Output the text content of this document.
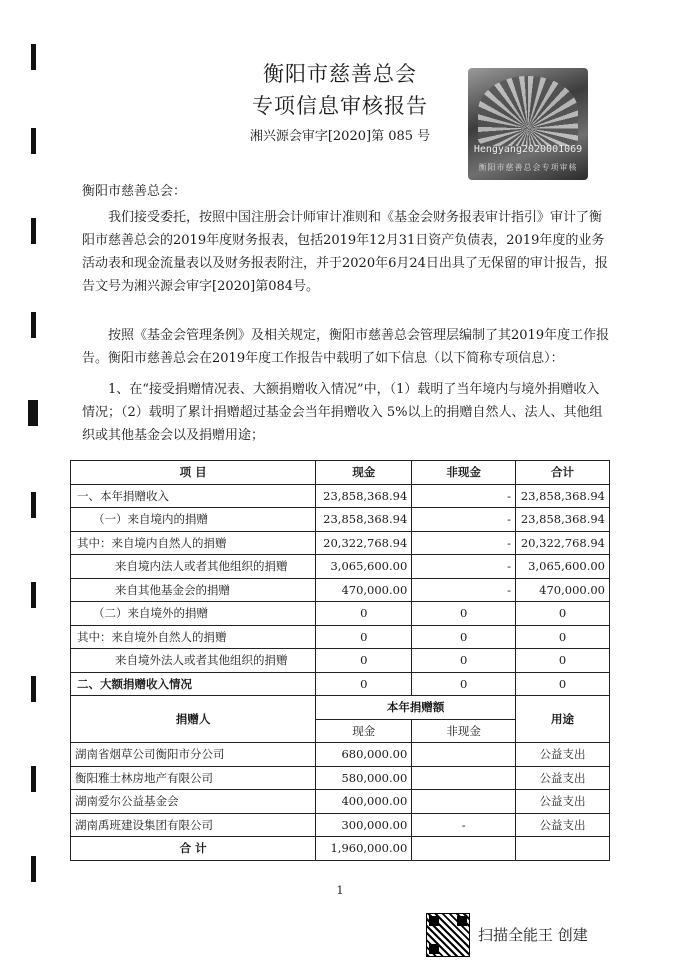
衡阳市慈善总会
专项信息审核报告
湘兴源会审字[2020]第 085 号
Hengyang2020001069
衡阳市慈善总会专项审核
衡阳市慈善总会：
我们接受委托，按照中国注册会计师审计准则和《基金会财务报表审计指引》审计了衡阳市慈善总会的2019年度财务报表，包括2019年12月31日资产负债表，2019年度的业务活动表和现金流量表以及财务报表附注，并于2020年6月24日出具了无保留的审计报告，报告文号为湘兴源会审字[2020]第084号。
按照《基金会管理条例》及相关规定，衡阳市慈善总会管理层编制了其2019年度工作报告。衡阳市慈善总会在2019年度工作报告中载明了如下信息（以下简称专项信息）：
1、在“接受捐赠情况表、大额捐赠收入情况”中，（1）载明了当年境内与境外捐赠收入情况；（2）载明了累计捐赠超过基金会当年捐赠收入 5%以上的捐赠自然人、法人、其他组织或其他基金会以及捐赠用途；
项 目	现金	非现金	合计
一、本年捐赠收入	23,858,368.94	-	23,858,368.94
（一）来自境内的捐赠	23,858,368.94	-	23,858,368.94
其中：来自境内自然人的捐赠	20,322,768.94	-	20,322,768.94
来自境内法人或者其他组织的捐赠	3,065,600.00	-	3,065,600.00
来自其他基金会的捐赠	470,000.00	-	470,000.00
（二）来自境外的捐赠	0	0	0
其中：来自境外自然人的捐赠	0	0	0
来自境外法人或者其他组织的捐赠	0	0	0
二、大额捐赠收入情况	0	0	0
捐赠人	本年捐赠额		用途
	现金	非现金	
湖南省烟草公司衡阳市分公司	680,000.00		公益支出
衡阳雅士林房地产有限公司	580,000.00		公益支出
湖南爱尔公益基金会	400,000.00		公益支出
湖南禹班建设集团有限公司	300,000.00	-	公益支出
合 计	1,960,000.00		
1
扫描全能王 创建
